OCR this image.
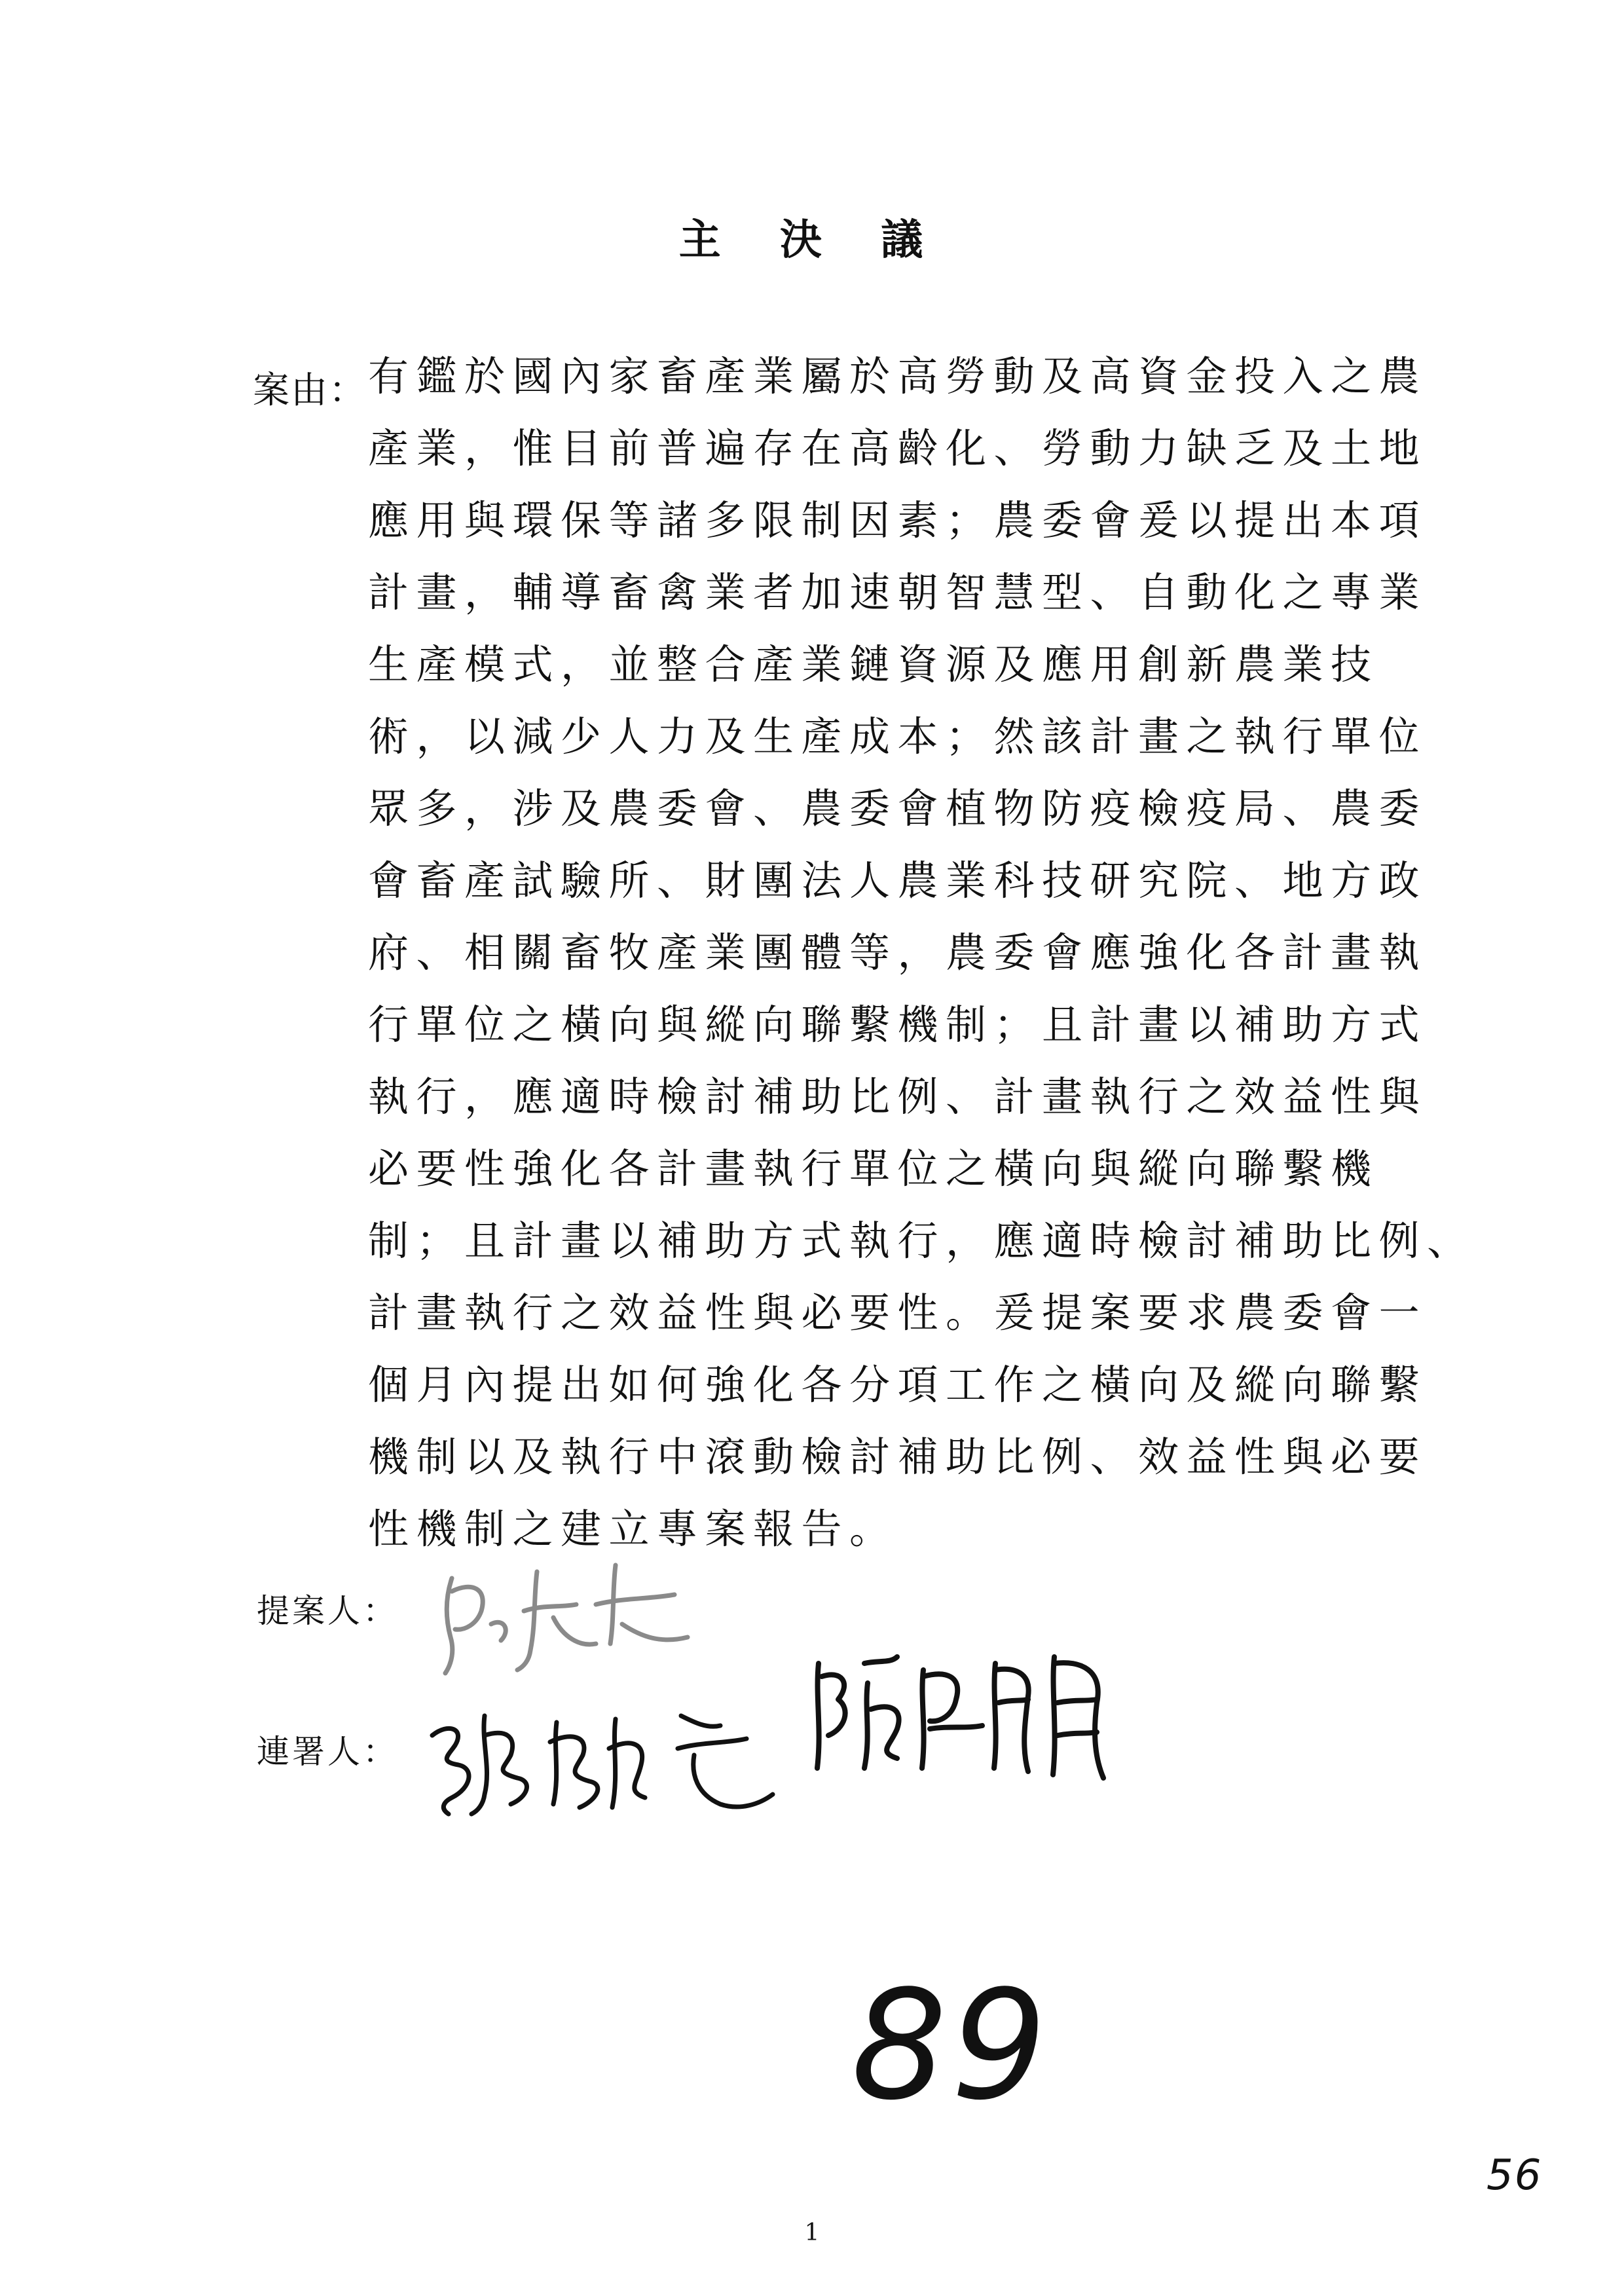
主 決 議
案由： 有鑑於國內家畜產業屬於高勞動及高資金投入之農
產業，惟目前普遍存在高齡化、勞動力缺乏及土地
應用與環保等諸多限制因素；農委會爰以提出本項
計畫，輔導畜禽業者加速朝智慧型、自動化之專業
生產模式，並整合產業鏈資源及應用創新農業技
術，以減少人力及生產成本；然該計畫之執行單位
眾多，涉及農委會、農委會植物防疫檢疫局、農委
會畜產試驗所、財團法人農業科技研究院、地方政
府、相關畜牧產業團體等，農委會應強化各計畫執
行單位之橫向與縱向聯繫機制；且計畫以補助方式
執行，應適時檢討補助比例、計畫執行之效益性與
必要性強化各計畫執行單位之橫向與縱向聯繫機
制；且計畫以補助方式執行，應適時檢討補助比例、
計畫執行之效益性與必要性。爰提案要求農委會一
個月內提出如何強化各分項工作之橫向及縱向聯繫
機制以及執行中滾動檢討補助比例、效益性與必要
性機制之建立專案報告。
提案人：
連署人：
89
1
56
